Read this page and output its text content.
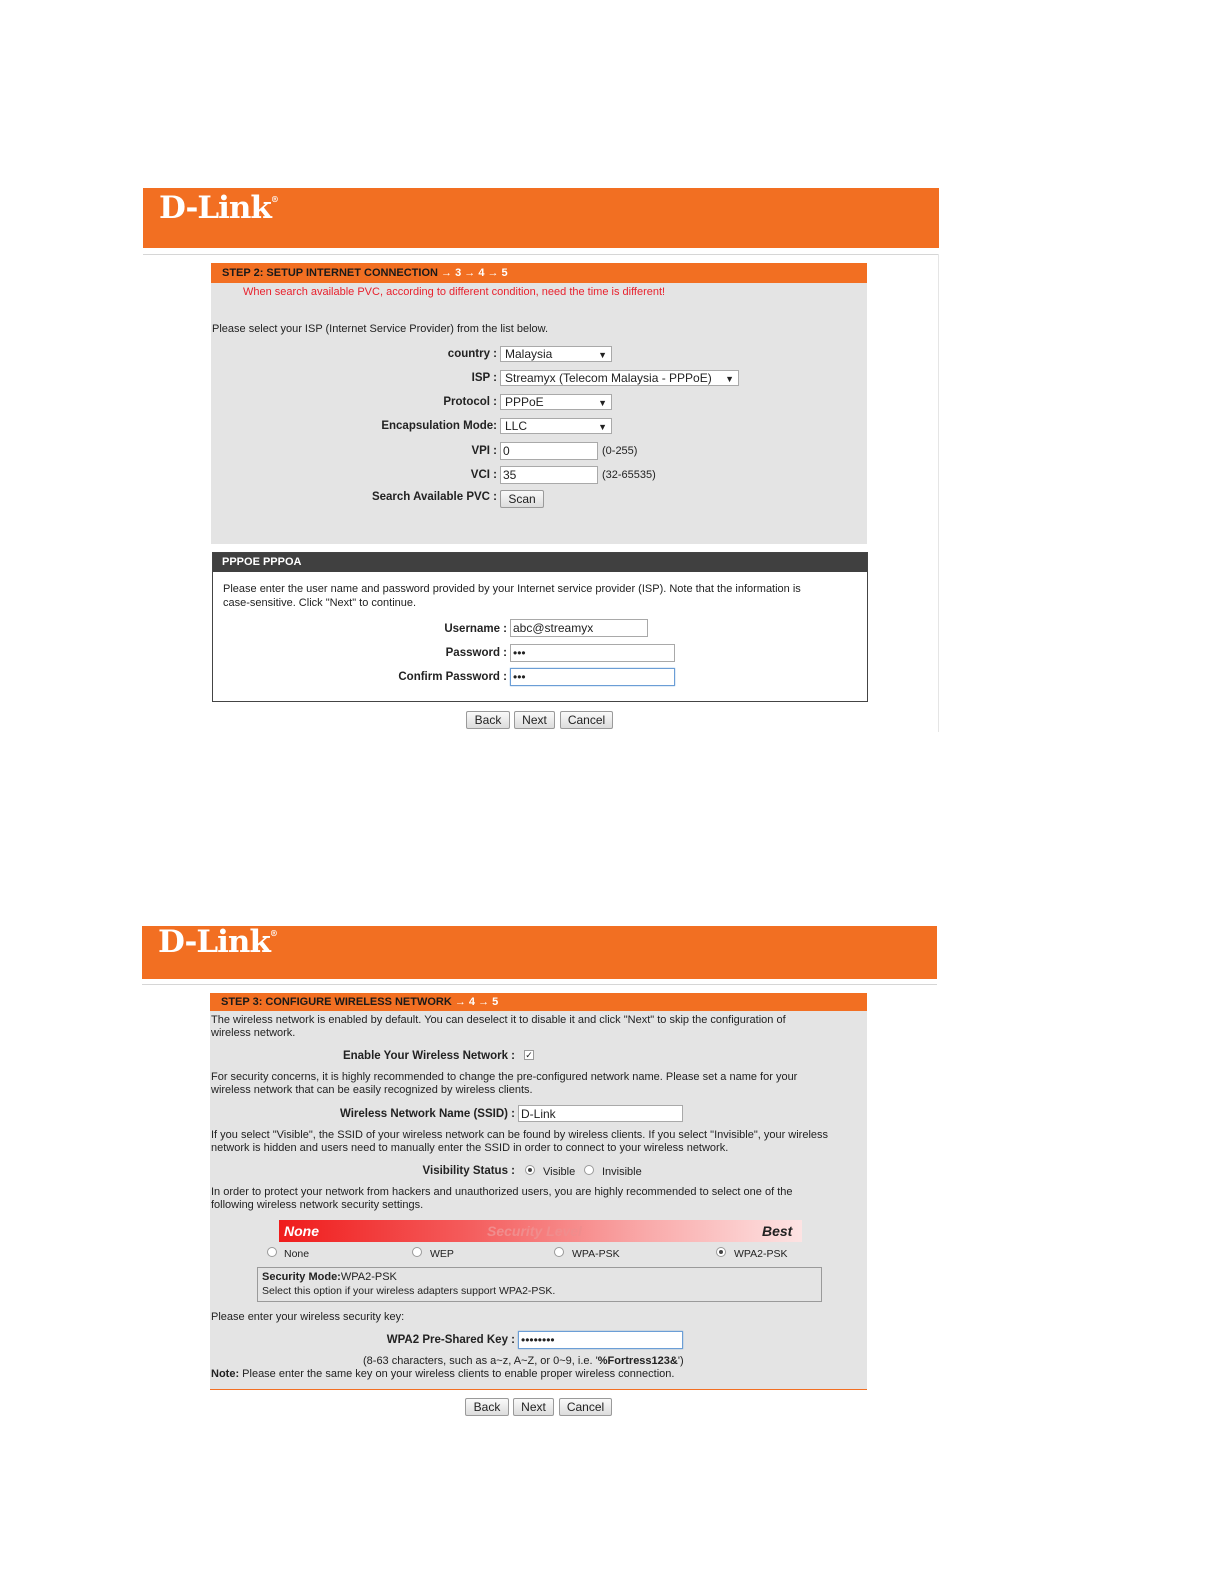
D-Link®
STEP 2: SETUP INTERNET CONNECTION → 3 → 4 → 5
When search available PVC, according to different condition, need the time is different!
Please select your ISP (Internet Service Provider) from the list below.
country : Malaysia	▼
ISP : Streamyx (Telecom Malaysia - PPPoE) ▼
Protocol : PPPoE	▼
Encapsulation Mode: LLC	▼
VPI : 0	(0-255)
VCI : 35	(32-65535)
Search Available PVC : Scan
PPPOE PPPOA
Please enter the user name and password provided by your Internet service provider (ISP). Note that the information is
case-sensitive. Click "Next" to continue.
Username : abc@streamyx
Password : •••
Confirm Password : •••
Back	Next	Cancel
D-Link®
STEP 3: CONFIGURE WIRELESS NETWORK → 4 → 5
The wireless network is enabled by default. You can deselect it to disable it and click "Next" to skip the configuration of
wireless network.
Enable Your Wireless Network : ✓
For security concerns, it is highly recommended to change the pre-configured network name. Please set a name for your
wireless network that can be easily recognized by wireless clients.
Wireless Network Name (SSID) : D-Link
If you select "Visible", the SSID of your wireless network can be found by wireless clients. If you select "Invisible", your wireless
network is hidden and users need to manually enter the SSID in order to connect to your wireless network.
Visibility Status :	Visible Invisible
In order to protect your network from hackers and unauthorized users, you are highly recommended to select one of the
following wireless network security settings.
None	Security Level	Best
None	WEP	WPA-PSK	WPA2-PSK
Security Mode:WPA2-PSK
Select this option if your wireless adapters support WPA2-PSK.
Please enter your wireless security key:
WPA2 Pre-Shared Key : ••••••••
(8-63 characters, such as a~z, A~Z, or 0~9, i.e. '%Fortress123&')
Note: Please enter the same key on your wireless clients to enable proper wireless connection.
Back	Next	Cancel
